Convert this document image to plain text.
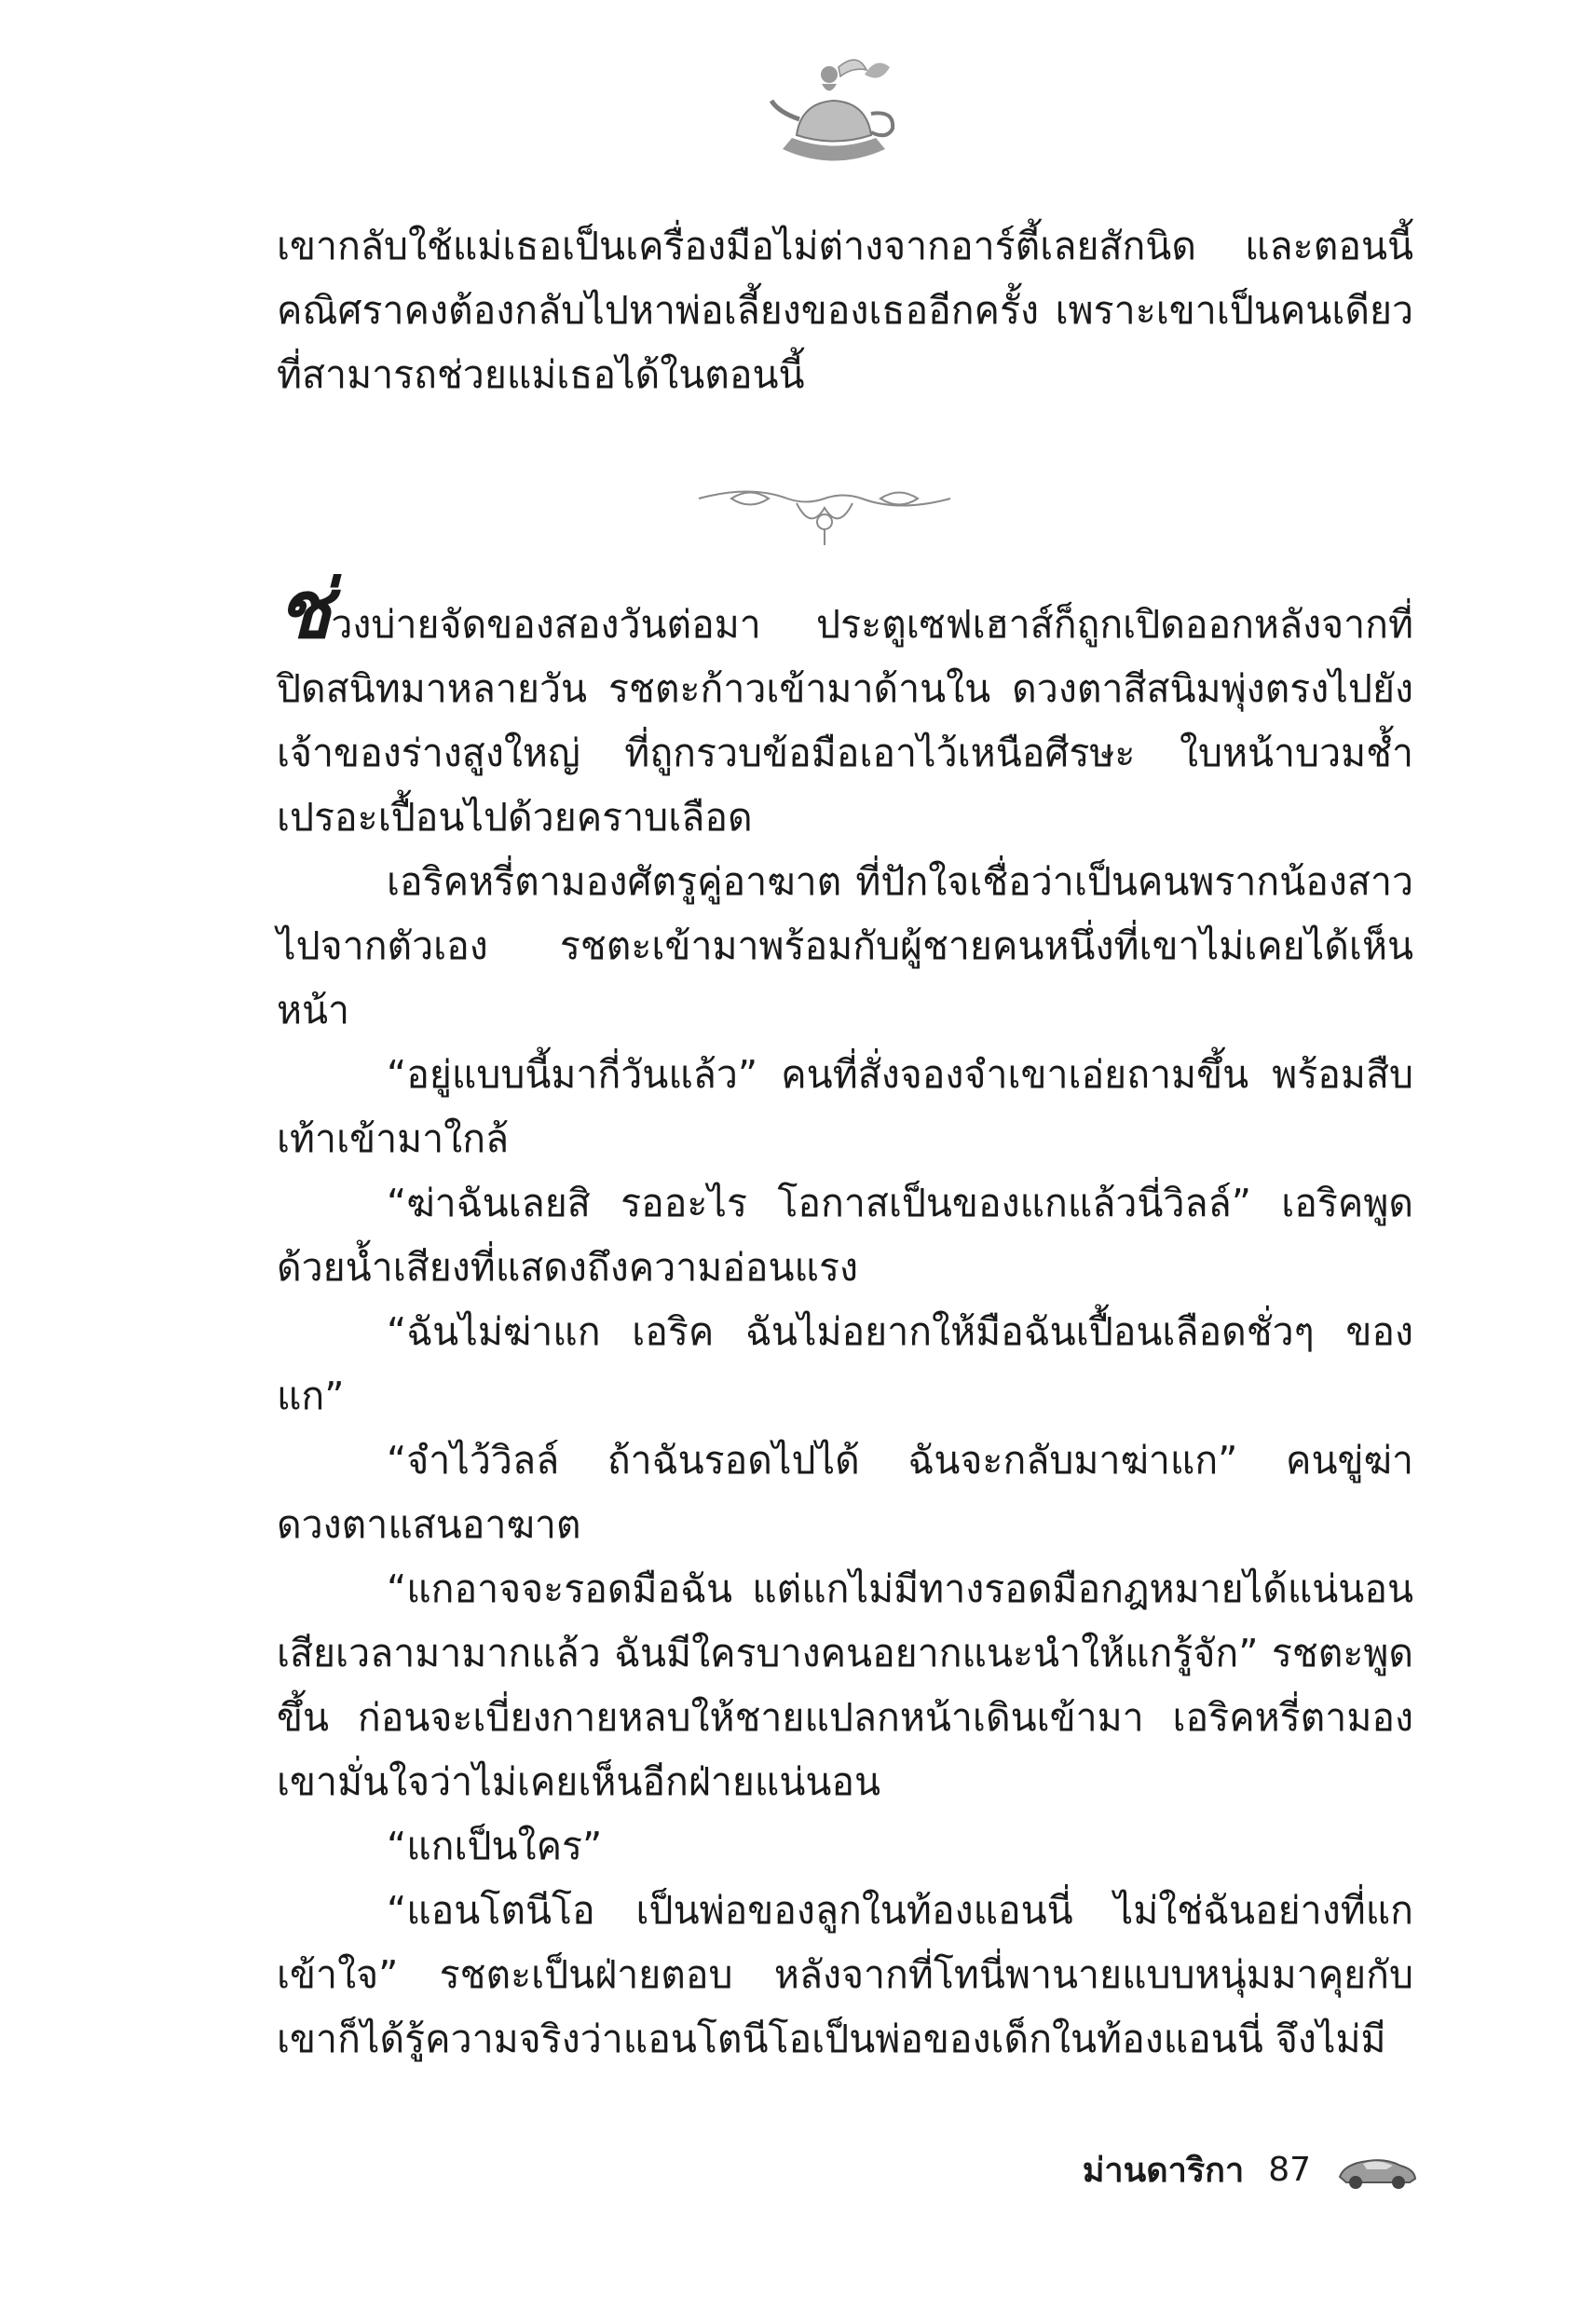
เขากลับใช้แม่เธอเป็นเครื่องมือไม่ต่างจากอาร์ตี้เลยสักนิด และตอนนี้คณิศราคงต้องกลับไปหาพ่อเลี้ยงของเธออีกครั้ง เพราะเขาเป็นคนเดียวที่สามารถช่วยแม่เธอได้ในตอนนี้

ช่วงบ่ายจัดของสองวันต่อมา ประตูเซฟเฮาส์ก็ถูกเปิดออกหลังจากที่ปิดสนิทมาหลายวัน รชตะก้าวเข้ามาด้านใน ดวงตาสีสนิมพุ่งตรงไปยังเจ้าของร่างสูงใหญ่ ที่ถูกรวบข้อมือเอาไว้เหนือศีรษะ ใบหน้าบวมช้ำ เปรอะเปื้อนไปด้วยคราบเลือด

เอริคหรี่ตามองศัตรูคู่อาฆาต ที่ปักใจเชื่อว่าเป็นคนพรากน้องสาวไปจากตัวเอง รชตะเข้ามาพร้อมกับผู้ชายคนหนึ่งที่เขาไม่เคยได้เห็นหน้า

“อยู่แบบนี้มากี่วันแล้ว” คนที่สั่งจองจำเขาเอ่ยถามขึ้น พร้อมสืบเท้าเข้ามาใกล้

“ฆ่าฉันเลยสิ รออะไร โอกาสเป็นของแกแล้วนี่วิลล์” เอริคพูดด้วยน้ำเสียงที่แสดงถึงความอ่อนแรง

“ฉันไม่ฆ่าแก เอริค ฉันไม่อยากให้มือฉันเปื้อนเลือดชั่วๆ ของแก”

“จำไว้วิลล์ ถ้าฉันรอดไปได้ ฉันจะกลับมาฆ่าแก” คนขู่ฆ่า ดวงตาแสนอาฆาต

“แกอาจจะรอดมือฉัน แต่แกไม่มีทางรอดมือกฎหมายได้แน่นอน เสียเวลามามากแล้ว ฉันมีใครบางคนอยากแนะนำให้แกรู้จัก” รชตะพูดขึ้น ก่อนจะเบี่ยงกายหลบให้ชายแปลกหน้าเดินเข้ามา เอริคหรี่ตามอง เขามั่นใจว่าไม่เคยเห็นอีกฝ่ายแน่นอน

“แกเป็นใคร”

“แอนโตนีโอ เป็นพ่อของลูกในท้องแอนนี่ ไม่ใช่ฉันอย่างที่แกเข้าใจ” รชตะเป็นฝ่ายตอบ หลังจากที่โทนี่พานายแบบหนุ่มมาคุยกับเขาก็ได้รู้ความจริงว่าแอนโตนีโอเป็นพ่อของเด็กในท้องแอนนี่ จึงไม่มี

ม่านดาริกา 87
